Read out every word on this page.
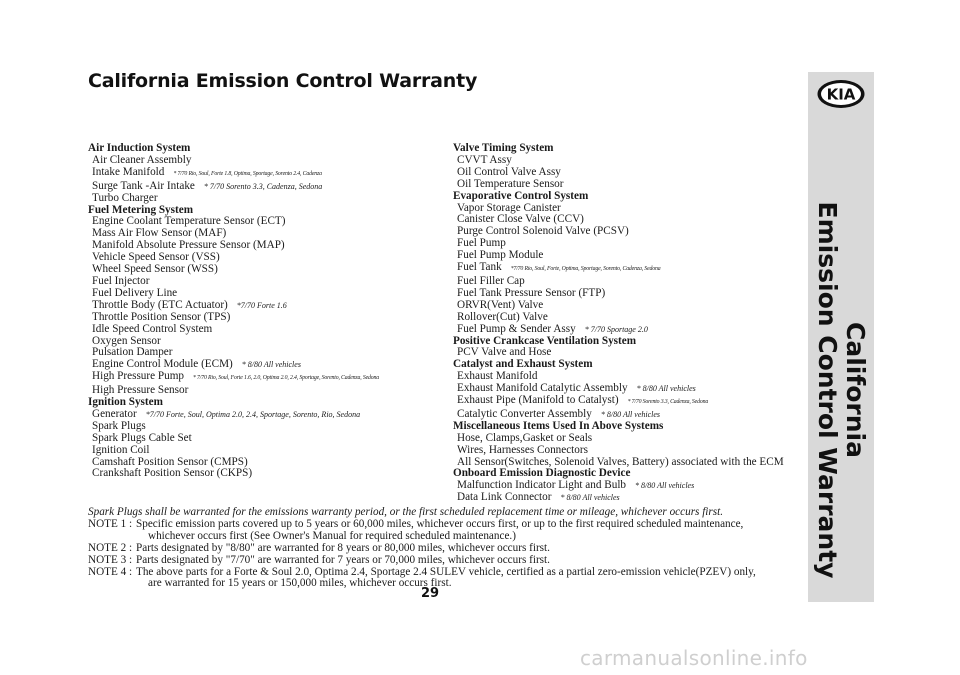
California Emission Control Warranty
Air Induction System
Air Cleaner Assembly
Intake Manifold * 7/70 Rio, Soul, Forte 1.8, Optima, Sportage, Sorento 2.4, Cadenza
Surge Tank -Air Intake * 7/70 Sorento 3.3, Cadenza, Sedona
Turbo Charger
Fuel Metering System
Engine Coolant Temperature Sensor (ECT)
Mass Air Flow Sensor (MAF)
Manifold Absolute Pressure Sensor (MAP)
Vehicle Speed Sensor (VSS)
Wheel Speed Sensor (WSS)
Fuel Injector
Fuel Delivery Line
Throttle Body (ETC Actuator) *7/70 Forte 1.6
Throttle Position Sensor (TPS)
Idle Speed Control System
Oxygen Sensor
Pulsation Damper
Engine Control Module (ECM) * 8/80 All vehicles
High Pressure Pump * 7/70 Rio, Soul, Forte 1.6, 2.0, Optima 2.0, 2.4, Sportage, Sorento, Cadenza, Sedona
High Pressure Sensor
Ignition System
Generator *7/70 Forte, Soul, Optima 2.0, 2.4, Sportage, Sorento, Rio, Sedona
Spark Plugs
Spark Plugs Cable Set
Ignition Coil
Camshaft Position Sensor (CMPS)
Crankshaft Position Sensor (CKPS)
Valve Timing System
CVVT Assy
Oil Control Valve Assy
Oil Temperature Sensor
Evaporative Control System
Vapor Storage Canister
Canister Close Valve (CCV)
Purge Control Solenoid Valve (PCSV)
Fuel Pump
Fuel Pump Module
Fuel Tank *7/70 Rio, Soul, Forte, Optima, Sportage, Sorento, Cadenza, Sedona
Fuel Filler Cap
Fuel Tank Pressure Sensor (FTP)
ORVR(Vent) Valve
Rollover(Cut) Valve
Fuel Pump & Sender Assy * 7/70 Sportage 2.0
Positive Crankcase Ventilation System
PCV Valve and Hose
Catalyst and Exhaust System
Exhaust Manifold
Exhaust Manifold Catalytic Assembly * 8/80 All vehicles
Exhaust Pipe (Manifold to Catalyst) * 7/70 Sorento 3.3, Cadenza, Sedona
Catalytic Converter Assembly * 8/80 All vehicles
Miscellaneous Items Used In Above Systems
Hose, Clamps,Gasket or Seals
Wires, Harnesses Connectors
All Sensor(Switches, Solenoid Valves, Battery) associated with the ECM
Onboard Emission Diagnostic Device
Malfunction Indicator Light and Bulb * 8/80 All vehicles
Data Link Connector * 8/80 All vehicles
Spark Plugs shall be warranted for the emissions warranty period, or the first scheduled replacement time or mileage, whichever occurs first.
NOTE 1 : Specific emission parts covered up to 5 years or 60,000 miles, whichever occurs first, or up to the first required scheduled maintenance,
whichever occurs first (See Owner's Manual for required scheduled maintenance.)
NOTE 2 : Parts designated by "8/80" are warranted for 8 years or 80,000 miles, whichever occurs first.
NOTE 3 : Parts designated by "7/70" are warranted for 7 years or 70,000 miles, whichever occurs first.
NOTE 4 : The above parts for a Forte & Soul 2.0, Optima 2.4, Sportage 2.4 SULEV vehicle, certified as a partial zero-emission vehicle(PZEV) only,
are warranted for 15 years or 150,000 miles, whichever occurs first.
29
KIA
California
Emission Control Warranty
carmanualsonline.info
